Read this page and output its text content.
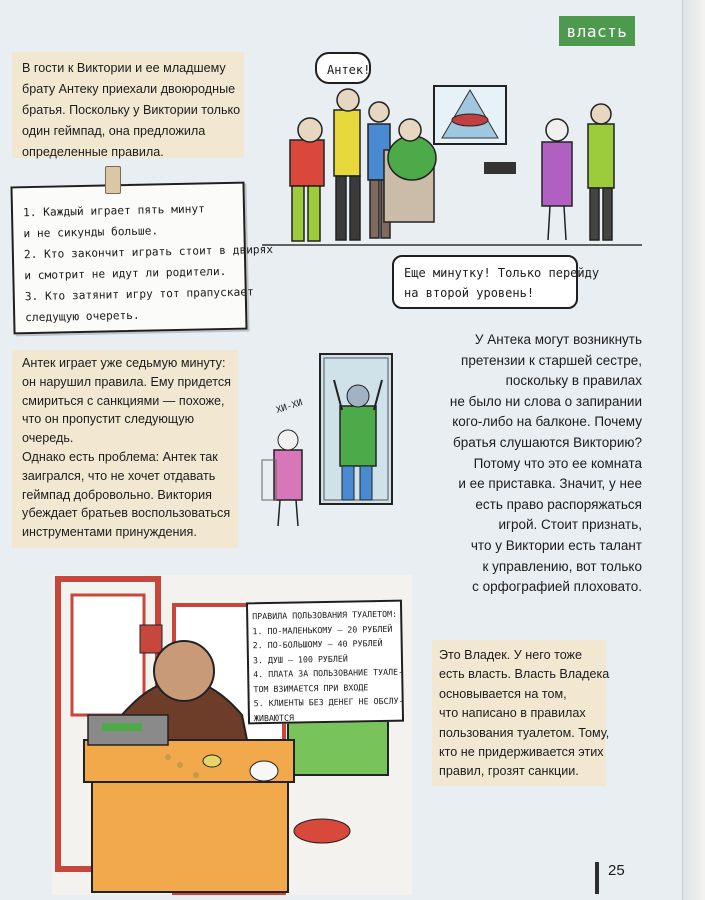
власть
В гости к Виктории и ее младшему
брату Антеку приехали двоюродные
братья. Поскольку у Виктории только
один геймпад, она предложила
определенные правила.
1. Каждый играет пять минут
и не сикунды больше.
2. Кто закончит играть стоит в двирях
и смотрит не идут ли родители.
3. Кто затянит игру тот прапускает
следущую очерeть.
Антек!
Еще минуткy! Только перейду
на второй уровень!
Антек играет уже седьмую минуту:
он нарушил правила. Ему придется
смириться с санкциями — похоже,
что он пропустит следующую
очередь.
Однако есть проблема: Антек так
заигрался, что не хочет отдавать
геймпад добровольно. Виктория
убеждает братьев воспользоваться
инструментами принуждения.
ХИ-ХИ
У Антека могут возникнуть
претензии к старшей сестре,
поскольку в правилах
не было ни слова о запирании
кого-либо на балконе. Почему
братья слушаются Викторию?
Потому что это ее комната
и ее приставка. Значит, у нее
есть право распоряжаться
игрой. Стоит признать,
что у Виктории есть талант
к управлению, вот только
с орфографией плоховато.
ПРАВИЛА ПОЛЬЗОВАНИЯ ТУАЛЕТОМ:
1. ПО-МАЛЕНЬКОМУ — 20 РУБЛЕЙ
2. ПО-БОЛЬШОМУ — 40 РУБЛЕЙ
3. ДУШ — 100 РУБЛЕЙ
4. ПЛАТА ЗА ПОЛЬЗОВАНИЕ ТУАЛЕ-
ТОМ ВЗИМАЕТСЯ ПРИ ВХОДЕ
5. КЛИЕНТЫ БЕЗ ДЕНЕГ НЕ ОБСЛУ-
ЖИВАЮТСЯ
Это Владек. У него тоже
есть власть. Власть Владека
основывается на том,
что написано в правилах
пользования туалетом. Тому,
кто не придерживается этих
правил, грозят санкции.
25
